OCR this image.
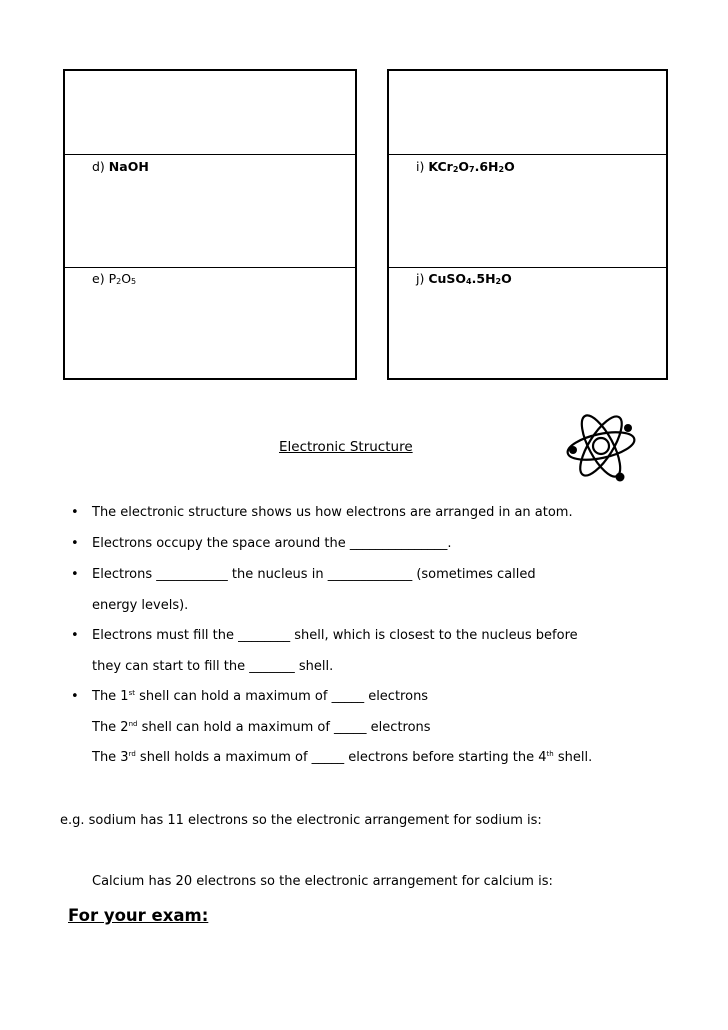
d) NaOH
e) $P_2O_5$
i) $KCr_2O_7.6H_2O$
j) $CuSO_4.5H_2O$
Electronic Structure
• The electronic structure shows us how electrons are arranged in an atom.
• Electrons occupy the space around the _______________.
• Electrons ___________ the nucleus in _____________ (sometimes called
energy levels).
• Electrons must fill the ________ shell, which is closest to the nucleus before
they can start to fill the _______ shell.
• The 1st shell can hold a maximum of _____ electrons
The 2nd shell can hold a maximum of _____ electrons
The 3rd shell holds a maximum of _____ electrons before starting the 4th shell.
e.g. sodium has 11 electrons so the electronic arrangement for sodium is:
Calcium has 20 electrons so the electronic arrangement for calcium is:
For your exam:
